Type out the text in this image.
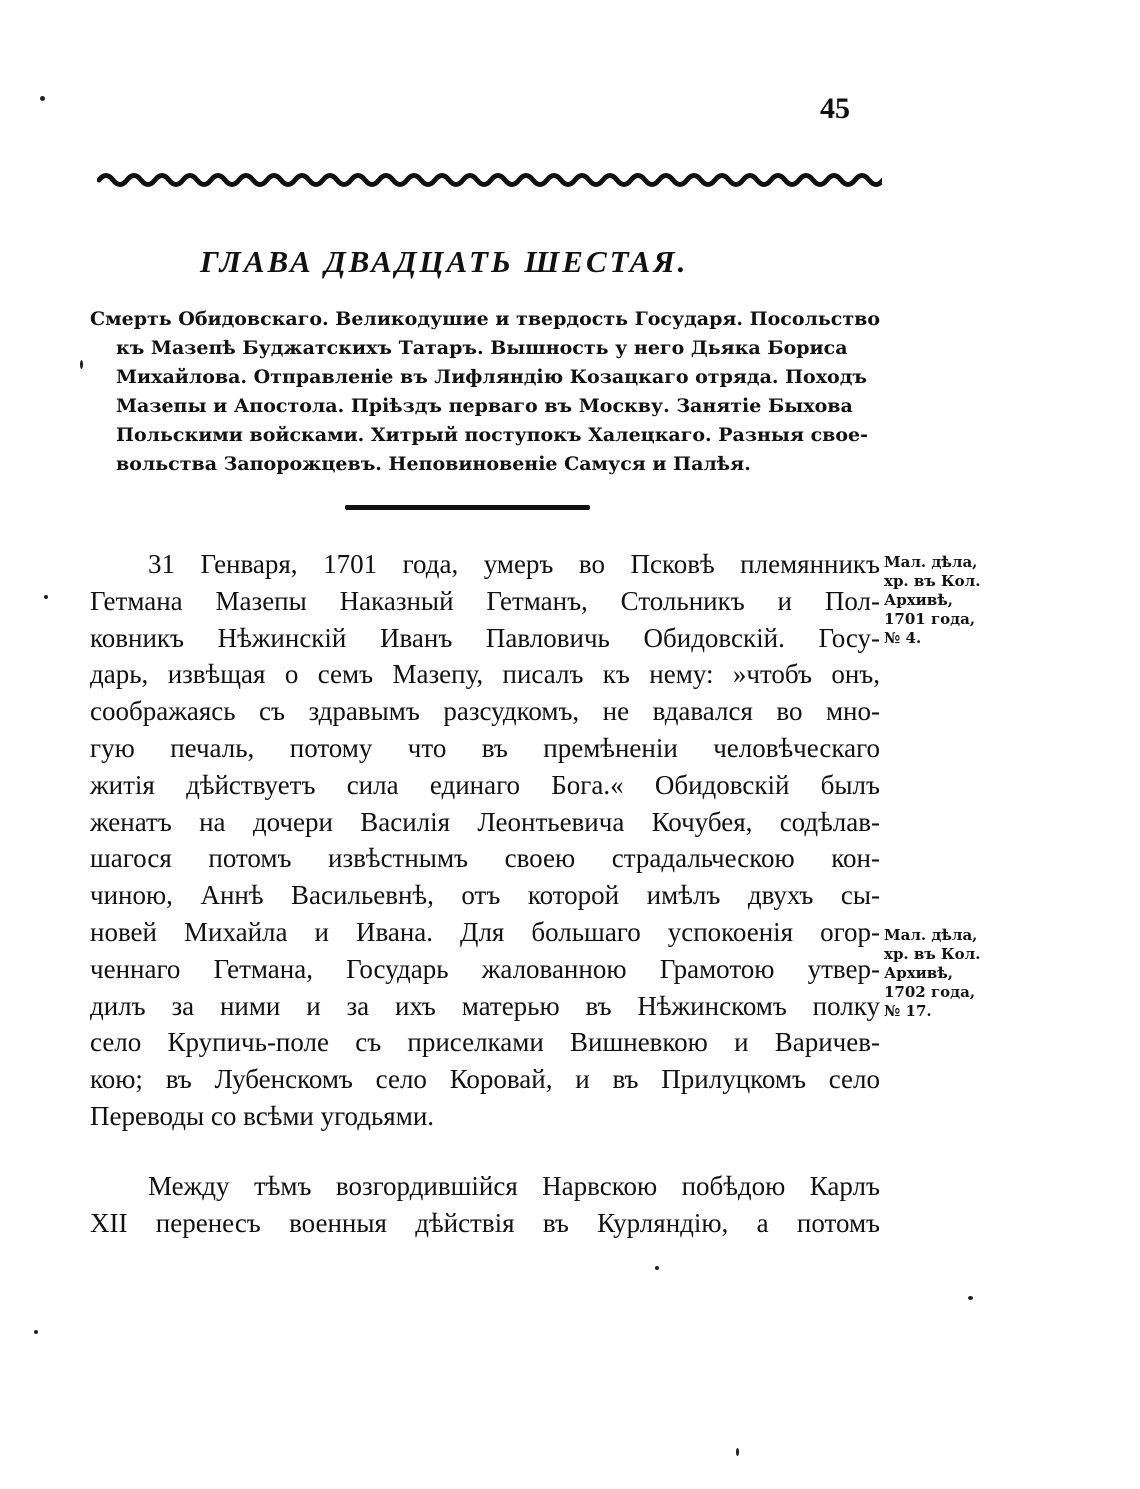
45
ГЛАВА ДВАДЦАТЬ ШЕСТАЯ.
Смерть Обидовскаго. Великодушие и твердость Государя. Посольство
къ Мазепѣ Буджатскихъ Татаръ. Вышность у него Дьяка Бориса
Михайлова. Отправленіе въ Лифляндію Козацкаго отряда. Походъ
Мазепы и Апостола. Пріѣздъ перваго въ Москву. Занятіе Быхова
Польскими войсками. Хитрый поступокъ Халецкаго. Разныя свое-
вольства Запорожцевъ. Неповиновеніе Самуся и Палѣя.
31 Генваря, 1701 года, умеръ во Псковѣ племянникъ
Гетмана Мазепы Наказный Гетманъ, Стольникъ и Пол-
ковникъ Нѣжинскій Иванъ Павловичь Обидовскій. Госу-
дарь, извѣщая о семъ Мазепу, писалъ къ нему: »чтобъ онъ,
соображаясь съ здравымъ разсудкомъ, не вдавался во мно-
гую печаль, потому что въ премѣненіи человѣческаго
житія дѣйствуетъ сила единаго Бога.« Обидовскій былъ
женатъ на дочери Василія Леонтьевича Кочубея, содѣлав-
шагося потомъ извѣстнымъ своею страдальческою кон-
чиною, Аннѣ Васильевнѣ, отъ которой имѣлъ двухъ сы-
новей Михайла и Ивана. Для большаго успокоенія огор-
ченнаго Гетмана, Государь жалованною Грамотою утвер-
дилъ за ними и за ихъ матерью въ Нѣжинскомъ полку
село Крупичь-поле съ приселками Вишневкою и Варичев-
кою; въ Лубенскомъ село Коровай, и въ Прилуцкомъ село
Переводы со всѣми угодьями.
Между тѣмъ возгордившійся Нарвскою побѣдою Карлъ
XII перенесъ военныя дѣйствія въ Курляндію, а потомъ
Мал. дѣла,
хр. въ Кол.
Архивѣ,
1701 года,
№ 4.
Мал. дѣла,
хр. въ Кол.
Архивѣ,
1702 года,
№ 17.
